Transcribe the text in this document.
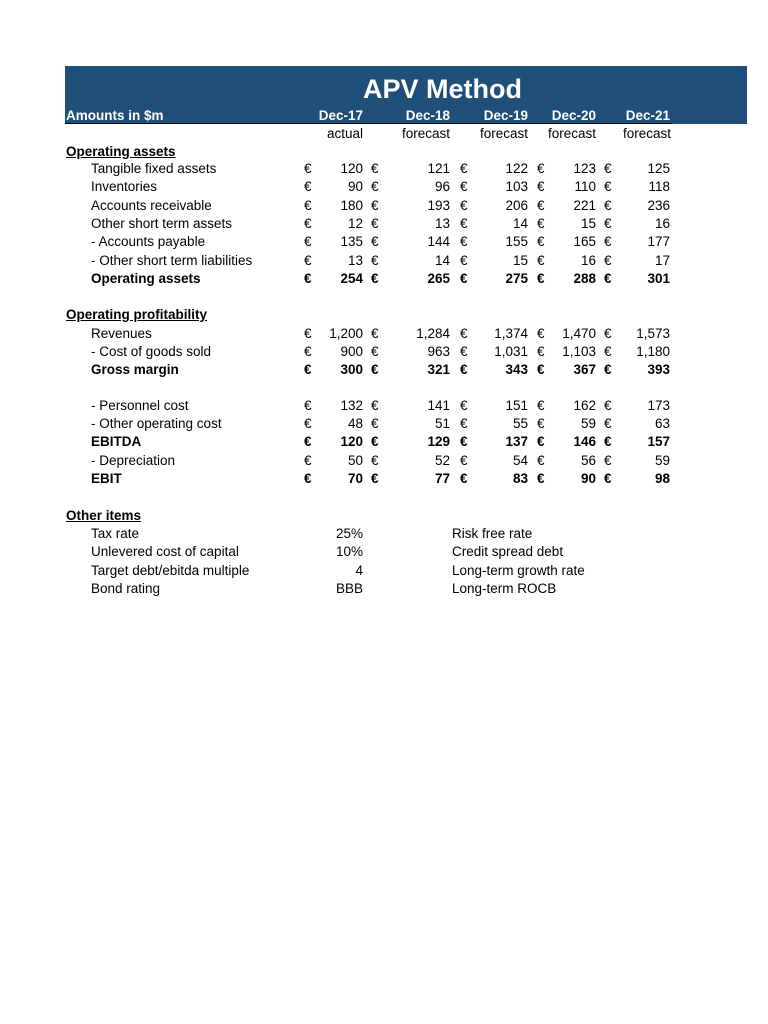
APV Method
Amounts in $m	Dec-17	Dec-18 Dec-19 Dec-20 Dec-21
actual	forecast forecast forecast forecast
Operating assets
Tangible fixed assets	€	120 €	121 €	122 €	123 €	125
Inventories	€	90 €	96 €	103 €	110 €	118
Accounts receivable	€	180 €	193 €	206 €	221 €	236
Other short term assets	€	12 €	13 €	14 €	15 €	16
- Accounts payable	€	135 €	144 €	155 €	165 €	177
- Other short term liabilities	€	13 €	14 €	15 €	16 €	17
Operating assets	€	254 €	265 €	275 €	288 €	301
Operating profitability
Revenues	€	1,200 €	1,284 €	1,374 €	1,470 €	1,573
- Cost of goods sold	€	900 €	963 €	1,031 €	1,103 €	1,180
Gross margin	€	300 €	321 €	343 €	367 €	393
- Personnel cost	€	132 €	141 €	151 €	162 €	173
- Other operating cost	€	48 €	51 €	55 €	59 €	63
EBITDA	€	120 €	129 €	137 €	146 €	157
- Depreciation	€	50 €	52 €	54 €	56 €	59
EBIT	€	70 €	77 €	83 €	90 €	98
Other items
Tax rate	25%	Risk free rate
Unlevered cost of capital	10%	Credit spread debt
Target debt/ebitda multiple	4	Long-term growth rate
Bond rating	BBB	Long-term ROCB
